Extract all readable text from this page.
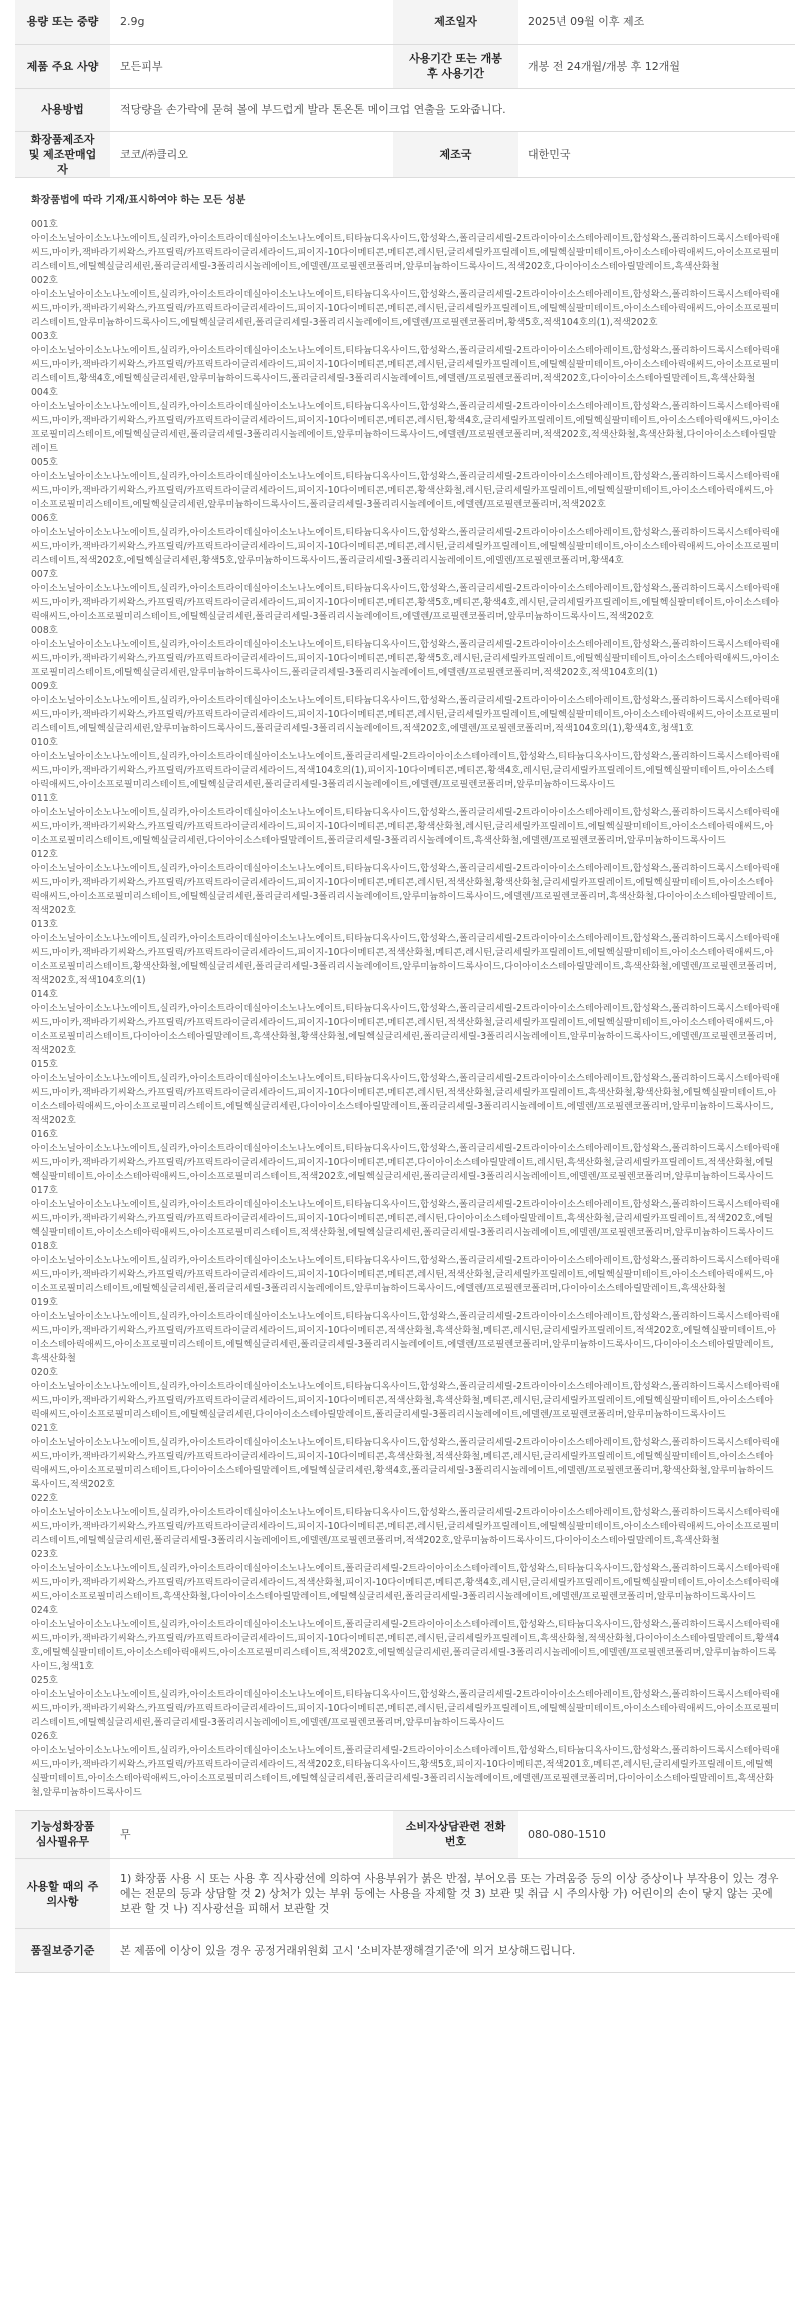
용량 또는 중량	2.9g	제조일자	2025년 09월 이후 제조
제품 주요 사양	모든피부	사용기간 또는 개봉 후 사용기간	개봉 전 24개월/개봉 후 12개월
사용방법	적당량을 손가락에 묻혀 볼에 부드럽게 발라 톤온톤 메이크업 연출을 도와줍니다.		
화장품제조자 및 제조판매업자	코코/㈜클리오	제조국	대한민국
화장품법에 따라 기재/표시하여야 하는 모든 성분
001호
아이소노닐아이소노나노에이트,실리카,아이소트라이데실아이소노나노에이트,티타늄디옥사이드,합성왁스,폴리글리세릴-2트라이아이소스테아레이트,합성왁스,폴리하이드록시스테아릭애씨드,마이카,잭바라기씨왁스,카프릴릭/카프릭트라이글리세라이드,피이지-10다이메티콘,메티콘,레시틴,글리세릴카프릴레이트,에틸헥실팔미테이트,아이소스테아릭애씨드,아이소프로필미리스테이트,에틸헥실글리세린,폴리글리세릴-3폴리리시놀레에이트,에델렌/프로필렌코폴리머,알루미늄하이드록사이드,적색202호,다이아이소스테아릴말레이트,흑색산화철
002호
아이소노닐아이소노나노에이트,실리카,아이소트라이데실아이소노나노에이트,티타늄디옥사이드,합성왁스,폴리글리세릴-2트라이아이소스테아레이트,합성왁스,폴리하이드록시스테아릭애씨드,마이카,잭바라기씨왁스,카프릴릭/카프릭트라이글리세라이드,피이지-10다이메티콘,메티콘,레시틴,글리세릴카프릴레이트,에틸헥실팔미테이트,아이소스테아릭애씨드,아이소프로필미리스테이트,알루미늄하이드록사이드,에틸헥실글리세린,폴리글리세릴-3폴리리시놀레에이트,에델렌/프로필렌코폴리머,황색5호,적색104호의(1),적색202호
003호
아이소노닐아이소노나노에이트,실리카,아이소트라이데실아이소노나노에이트,티타늄디옥사이드,합성왁스,폴리글리세릴-2트라이아이소스테아레이트,합성왁스,폴리하이드록시스테아릭애씨드,마이카,잭바라기씨왁스,카프릴릭/카프릭트라이글리세라이드,피이지-10다이메티콘,메티콘,레시틴,글리세릴카프릴레이트,에틸헥실팔미테이트,아이소스테아릭애씨드,아이소프로필미리스테이트,황색4호,에틸헥실글리세린,알루미늄하이드록사이드,폴리글리세릴-3폴리리시놀레에이트,에델렌/프로필렌코폴리머,적색202호,다이아이소스테아릴말레이트,흑색산화철
004호
아이소노닐아이소노나노에이트,실리카,아이소트라이데실아이소노나노에이트,티타늄디옥사이드,합성왁스,폴리글리세릴-2트라이아이소스테아레이트,합성왁스,폴리하이드록시스테아릭애씨드,마이카,잭바라기씨왁스,카프릴릭/카프릭트라이글리세라이드,피이지-10다이메티콘,메티콘,레시틴,황색4호,글리세릴카프릴레이트,에틸헥실팔미테이트,아이소스테아릭애씨드,아이소프로필미리스테이트,에틸헥실글리세린,폴리글리세릴-3폴리리시놀레에이트,알루미늄하이드록사이드,에델렌/프로필렌코폴리머,적색202호,적색산화철,흑색산화철,다이아이소스테아릴말레이트
005호
아이소노닐아이소노나노에이트,실리카,아이소트라이데실아이소노나노에이트,티타늄디옥사이드,합성왁스,폴리글리세릴-2트라이아이소스테아레이트,합성왁스,폴리하이드록시스테아릭애씨드,마이카,잭바라기씨왁스,카프릴릭/카프릭트라이글리세라이드,피이지-10다이메티콘,메티콘,황색산화철,레시틴,글리세릴카프릴레이트,에틸헥실팔미테이트,아이소스테아릭애씨드,아이소프로필미리스테이트,에틸헥실글리세린,알루미늄하이드록사이드,폴리글리세릴-3폴리리시놀레에이트,에델렌/프로필렌코폴리머,적색202호
006호
아이소노닐아이소노나노에이트,실리카,아이소트라이데실아이소노나노에이트,티타늄디옥사이드,합성왁스,폴리글리세릴-2트라이아이소스테아레이트,합성왁스,폴리하이드록시스테아릭애씨드,마이카,잭바라기씨왁스,카프릴릭/카프릭트라이글리세라이드,피이지-10다이메티콘,메티콘,레시틴,글리세릴카프릴레이트,에틸헥실팔미테이트,아이소스테아릭애씨드,아이소프로필미리스테이트,적색202호,에틸헥실글리세린,황색5호,알루미늄하이드록사이드,폴리글리세릴-3폴리리시놀레에이트,에델렌/프로필렌코폴리머,황색4호
007호
아이소노닐아이소노나노에이트,실리카,아이소트라이데실아이소노나노에이트,티타늄디옥사이드,합성왁스,폴리글리세릴-2트라이아이소스테아레이트,합성왁스,폴리하이드록시스테아릭애씨드,마이카,잭바라기씨왁스,카프릴릭/카프릭트라이글리세라이드,피이지-10다이메티콘,메티콘,황색5호,메티콘,황색4호,레시틴,글리세릴카프릴레이트,에틸헥실팔미테이트,아이소스테아릭애씨드,아이소프로필미리스테이트,에틸헥실글리세린,폴리글리세릴-3폴리리시놀레에이트,에델렌/프로필렌코폴리머,알루미늄하이드록사이드,적색202호
008호
아이소노닐아이소노나노에이트,실리카,아이소트라이데실아이소노나노에이트,티타늄디옥사이드,합성왁스,폴리글리세릴-2트라이아이소스테아레이트,합성왁스,폴리하이드록시스테아릭애씨드,마이카,잭바라기씨왁스,카프릴릭/카프릭트라이글리세라이드,피이지-10다이메티콘,메티콘,황색5호,레시틴,글리세릴카프릴레이트,에틸헥실팔미테이트,아이소스테아릭애씨드,아이소프로필미리스테이트,에틸헥실글리세린,알루미늄하이드록사이드,폴리글리세릴-3폴리리시놀레에이트,에델렌/프로필렌코폴리머,적색202호,적색104호의(1)
009호
아이소노닐아이소노나노에이트,실리카,아이소트라이데실아이소노나노에이트,티타늄디옥사이드,합성왁스,폴리글리세릴-2트라이아이소스테아레이트,합성왁스,폴리하이드록시스테아릭애씨드,마이카,잭바라기씨왁스,카프릴릭/카프릭트라이글리세라이드,피이지-10다이메티콘,메티콘,레시틴,글리세릴카프릴레이트,에틸헥실팔미테이트,아이소스테아릭애씨드,아이소프로필미리스테이트,에틸헥실글리세린,알루미늄하이드록사이드,폴리글리세릴-3폴리리시놀레에이트,적색202호,에델렌/프로필렌코폴리머,적색104호의(1),황색4호,청색1호
010호
아이소노닐아이소노나노에이트,실리카,아이소트라이데실아이소노나노에이트,폴리글리세릴-2트라이아이소스테아레이트,합성왁스,티타늄디옥사이드,합성왁스,폴리하이드록시스테아릭애씨드,마이카,잭바라기씨왁스,카프릴릭/카프릭트라이글리세라이드,적색104호의(1),피이지-10다이메티콘,메티콘,황색4호,레시틴,글리세릴카프릴레이트,에틸헥실팔미테이트,아이소스테아릭애씨드,아이소프로필미리스테이트,에틸헥실글리세린,폴리글리세릴-3폴리리시놀레에이트,에델렌/프로필렌코폴리머,알루미늄하이드록사이드
011호
아이소노닐아이소노나노에이트,실리카,아이소트라이데실아이소노나노에이트,티타늄디옥사이드,합성왁스,폴리글리세릴-2트라이아이소스테아레이트,합성왁스,폴리하이드록시스테아릭애씨드,마이카,잭바라기씨왁스,카프릴릭/카프릭트라이글리세라이드,피이지-10다이메티콘,메티콘,황색산화철,레시틴,글리세릴카프릴레이트,에틸헥실팔미테이트,아이소스테아릭애씨드,아이소프로필미리스테이트,에틸헥실글리세린,다이아이소스테아릴말레이트,폴리글리세릴-3폴리리시놀레에이트,흑색산화철,에델렌/프로필렌코폴리머,알루미늄하이드록사이드
012호
아이소노닐아이소노나노에이트,실리카,아이소트라이데실아이소노나노에이트,티타늄디옥사이드,합성왁스,폴리글리세릴-2트라이아이소스테아레이트,합성왁스,폴리하이드록시스테아릭애씨드,마이카,잭바라기씨왁스,카프릴릭/카프릭트라이글리세라이드,피이지-10다이메티콘,메티콘,레시틴,적색산화철,황색산화철,글리세릴카프릴레이트,에틸헥실팔미테이트,아이소스테아릭애씨드,아이소프로필미리스테이트,에틸헥실글리세린,폴리글리세릴-3폴리리시놀레에이트,알루미늄하이드록사이드,에델렌/프로필렌코폴리머,흑색산화철,다이아이소스테아릴말레이트,적색202호
013호
아이소노닐아이소노나노에이트,실리카,아이소트라이데실아이소노나노에이트,티타늄디옥사이드,합성왁스,폴리글리세릴-2트라이아이소스테아레이트,합성왁스,폴리하이드록시스테아릭애씨드,마이카,잭바라기씨왁스,카프릴릭/카프릭트라이글리세라이드,피이지-10다이메티콘,적색산화철,메티콘,레시틴,글리세릴카프릴레이트,에틸헥실팔미테이트,아이소스테아릭애씨드,아이소프로필미리스테이트,황색산화철,에틸헥실글리세린,폴리글리세릴-3폴리리시놀레에이트,알루미늄하이드록사이드,다이아이소스테아릴말레이트,흑색산화철,에델렌/프로필렌코폴리머,적색202호,적색104호의(1)
014호
아이소노닐아이소노나노에이트,실리카,아이소트라이데실아이소노나노에이트,티타늄디옥사이드,합성왁스,폴리글리세릴-2트라이아이소스테아레이트,합성왁스,폴리하이드록시스테아릭애씨드,마이카,잭바라기씨왁스,카프릴릭/카프릭트라이글리세라이드,피이지-10다이메티콘,메티콘,레시틴,적색산화철,글리세릴카프릴레이트,에틸헥실팔미테이트,아이소스테아릭애씨드,아이소프로필미리스테이트,다이아이소스테아릴말레이트,흑색산화철,황색산화철,에틸헥실글리세린,폴리글리세릴-3폴리리시놀레에이트,알루미늄하이드록사이드,에델렌/프로필렌코폴리머,적색202호
015호
아이소노닐아이소노나노에이트,실리카,아이소트라이데실아이소노나노에이트,티타늄디옥사이드,합성왁스,폴리글리세릴-2트라이아이소스테아레이트,합성왁스,폴리하이드록시스테아릭애씨드,마이카,잭바라기씨왁스,카프릴릭/카프릭트라이글리세라이드,피이지-10다이메티콘,메티콘,레시틴,적색산화철,글리세릴카프릴레이트,흑색산화철,황색산화철,에틸헥실팔미테이트,아이소스테아릭애씨드,아이소프로필미리스테이트,에틸헥실글리세린,다이아이소스테아릴말레이트,폴리글리세릴-3폴리리시놀레에이트,에델렌/프로필렌코폴리머,알루미늄하이드록사이드,적색202호
016호
아이소노닐아이소노나노에이트,실리카,아이소트라이데실아이소노나노에이트,티타늄디옥사이드,합성왁스,폴리글리세릴-2트라이아이소스테아레이트,합성왁스,폴리하이드록시스테아릭애씨드,마이카,잭바라기씨왁스,카프릴릭/카프릭트라이글리세라이드,피이지-10다이메티콘,메티콘,다이아이소스테아릴말레이트,레시틴,흑색산화철,글리세릴카프릴레이트,적색산화철,에틸헥실팔미테이트,아이소스테아릭애씨드,아이소프로필미리스테이트,적색202호,에틸헥실글리세린,폴리글리세릴-3폴리리시놀레에이트,에델렌/프로필렌코폴리머,알루미늄하이드록사이드
017호
아이소노닐아이소노나노에이트,실리카,아이소트라이데실아이소노나노에이트,티타늄디옥사이드,합성왁스,폴리글리세릴-2트라이아이소스테아레이트,합성왁스,폴리하이드록시스테아릭애씨드,마이카,잭바라기씨왁스,카프릴릭/카프릭트라이글리세라이드,피이지-10다이메티콘,메티콘,레시틴,다이아이소스테아릴말레이트,흑색산화철,글리세릴카프릴레이트,적색202호,에틸헥실팔미테이트,아이소스테아릭애씨드,아이소프로필미리스테이트,적색산화철,에틸헥실글리세린,폴리글리세릴-3폴리리시놀레에이트,에델렌/프로필렌코폴리머,알루미늄하이드록사이드
018호
아이소노닐아이소노나노에이트,실리카,아이소트라이데실아이소노나노에이트,티타늄디옥사이드,합성왁스,폴리글리세릴-2트라이아이소스테아레이트,합성왁스,폴리하이드록시스테아릭애씨드,마이카,잭바라기씨왁스,카프릴릭/카프릭트라이글리세라이드,피이지-10다이메티콘,메티콘,레시틴,적색산화철,글리세릴카프릴레이트,에틸헥실팔미테이트,아이소스테아릭애씨드,아이소프로필미리스테이트,에틸헥실글리세린,폴리글리세릴-3폴리리시놀레에이트,알루미늄하이드록사이드,에델렌/프로필렌코폴리머,다이아이소스테아릴말레이트,흑색산화철
019호
아이소노닐아이소노나노에이트,실리카,아이소트라이데실아이소노나노에이트,티타늄디옥사이드,합성왁스,폴리글리세릴-2트라이아이소스테아레이트,합성왁스,폴리하이드록시스테아릭애씨드,마이카,잭바라기씨왁스,카프릴릭/카프릭트라이글리세라이드,피이지-10다이메티콘,적색산화철,흑색산화철,메티콘,레시틴,글리세릴카프릴레이트,적색202호,에틸헥실팔미테이트,아이소스테아릭애씨드,아이소프로필미리스테이트,에틸헥실글리세린,폴리글리세릴-3폴리리시놀레에이트,에델렌/프로필렌코폴리머,알루미늄하이드록사이드,다이아이소스테아릴말레이트,흑색산화철
020호
아이소노닐아이소노나노에이트,실리카,아이소트라이데실아이소노나노에이트,티타늄디옥사이드,합성왁스,폴리글리세릴-2트라이아이소스테아레이트,합성왁스,폴리하이드록시스테아릭애씨드,마이카,잭바라기씨왁스,카프릴릭/카프릭트라이글리세라이드,피이지-10다이메티콘,적색산화철,흑색산화철,메티콘,레시틴,글리세릴카프릴레이트,에틸헥실팔미테이트,아이소스테아릭애씨드,아이소프로필미리스테이트,에틸헥실글리세린,다이아이소스테아릴말레이트,폴리글리세릴-3폴리리시놀레에이트,에델렌/프로필렌코폴리머,알루미늄하이드록사이드
021호
아이소노닐아이소노나노에이트,실리카,아이소트라이데실아이소노나노에이트,티타늄디옥사이드,합성왁스,폴리글리세릴-2트라이아이소스테아레이트,합성왁스,폴리하이드록시스테아릭애씨드,마이카,잭바라기씨왁스,카프릴릭/카프릭트라이글리세라이드,피이지-10다이메티콘,흑색산화철,적색산화철,메티콘,레시틴,글리세릴카프릴레이트,에틸헥실팔미테이트,아이소스테아릭애씨드,아이소프로필미리스테이트,다이아이소스테아릴말레이트,에틸헥실글리세린,황색4호,폴리글리세릴-3폴리리시놀레에이트,에델렌/프로필렌코폴리머,황색산화철,알루미늄하이드록사이드,적색202호
022호
아이소노닐아이소노나노에이트,실리카,아이소트라이데실아이소노나노에이트,티타늄디옥사이드,합성왁스,폴리글리세릴-2트라이아이소스테아레이트,합성왁스,폴리하이드록시스테아릭애씨드,마이카,잭바라기씨왁스,카프릴릭/카프릭트라이글리세라이드,피이지-10다이메티콘,메티콘,레시틴,글리세릴카프릴레이트,에틸헥실팔미테이트,아이소스테아릭애씨드,아이소프로필미리스테이트,에틸헥실글리세린,폴리글리세릴-3폴리리시놀레에이트,에델렌/프로필렌코폴리머,적색202호,알루미늄하이드록사이드,다이아이소스테아릴말레이트,흑색산화철
023호
아이소노닐아이소노나노에이트,실리카,아이소트라이데실아이소노나노에이트,폴리글리세릴-2트라이아이소스테아레이트,합성왁스,티타늄디옥사이드,합성왁스,폴리하이드록시스테아릭애씨드,마이카,잭바라기씨왁스,카프릴릭/카프릭트라이글리세라이드,적색산화철,피이지-10다이메티콘,메티콘,황색4호,레시틴,글리세릴카프릴레이트,에틸헥실팔미테이트,아이소스테아릭애씨드,아이소프로필미리스테이트,흑색산화철,다이아이소스테아릴말레이트,에틸헥실글리세린,폴리글리세릴-3폴리리시놀레에이트,에델렌/프로필렌코폴리머,알루미늄하이드록사이드
024호
아이소노닐아이소노나노에이트,실리카,아이소트라이데실아이소노나노에이트,폴리글리세릴-2트라이아이소스테아레이트,합성왁스,티타늄디옥사이드,합성왁스,폴리하이드록시스테아릭애씨드,마이카,잭바라기씨왁스,카프릴릭/카프릭트라이글리세라이드,피이지-10다이메티콘,메티콘,레시틴,글리세릴카프릴레이트,흑색산화철,적색산화철,다이아이소스테아릴말레이트,황색4호,에틸헥실팔미테이트,아이소스테아릭애씨드,아이소프로필미리스테이트,적색202호,에틸헥실글리세린,폴리글리세릴-3폴리리시놀레에이트,에델렌/프로필렌코폴리머,알루미늄하이드록사이드,청색1호
025호
아이소노닐아이소노나노에이트,실리카,아이소트라이데실아이소노나노에이트,티타늄디옥사이드,합성왁스,폴리글리세릴-2트라이아이소스테아레이트,합성왁스,폴리하이드록시스테아릭애씨드,마이카,잭바라기씨왁스,카프릴릭/카프릭트라이글리세라이드,피이지-10다이메티콘,메티콘,레시틴,글리세릴카프릴레이트,에틸헥실팔미테이트,아이소스테아릭애씨드,아이소프로필미리스테이트,에틸헥실글리세린,폴리글리세릴-3폴리리시놀레에이트,에델렌/프로필렌코폴리머,알루미늄하이드록사이드
026호
아이소노닐아이소노나노에이트,실리카,아이소트라이데실아이소노나노에이트,폴리글리세릴-2트라이아이소스테아레이트,합성왁스,티타늄디옥사이드,합성왁스,폴리하이드록시스테아릭애씨드,마이카,잭바라기씨왁스,카프릴릭/카프릭트라이글리세라이드,적색202호,티타늄디옥사이드,황색5호,피이지-10다이메티콘,적색201호,메티콘,레시틴,글리세릴카프릴레이트,에틸헥실팔미테이트,아이소스테아릭애씨드,아이소프로필미리스테이트,에틸헥실글리세린,폴리글리세릴-3폴리리시놀레에이트,에델렌/프로필렌코폴리머,다이아이소스테아릴말레이트,흑색산화철,알루미늄하이드록사이드
기능성화장품 심사필유무	무	소비자상담관련 전화번호	080-080-1510
사용할 때의 주의사항	1) 화장품 사용 시 또는 사용 후 직사광선에 의하여 사용부위가 붉은 반점, 부어오름 또는 가려움증 등의 이상 증상이나 부작용이 있는 경우에는 전문의 등과 상담할 것 2) 상처가 있는 부위 등에는 사용을 자제할 것 3) 보관 및 취급 시 주의사항 가) 어린이의 손이 닿지 않는 곳에 보관 할 것 나) 직사광선을 피해서 보관할 것		
품질보증기준	본 제품에 이상이 있을 경우 공정거래위원회 고시 '소비자분쟁해결기준'에 의거 보상해드립니다.		
